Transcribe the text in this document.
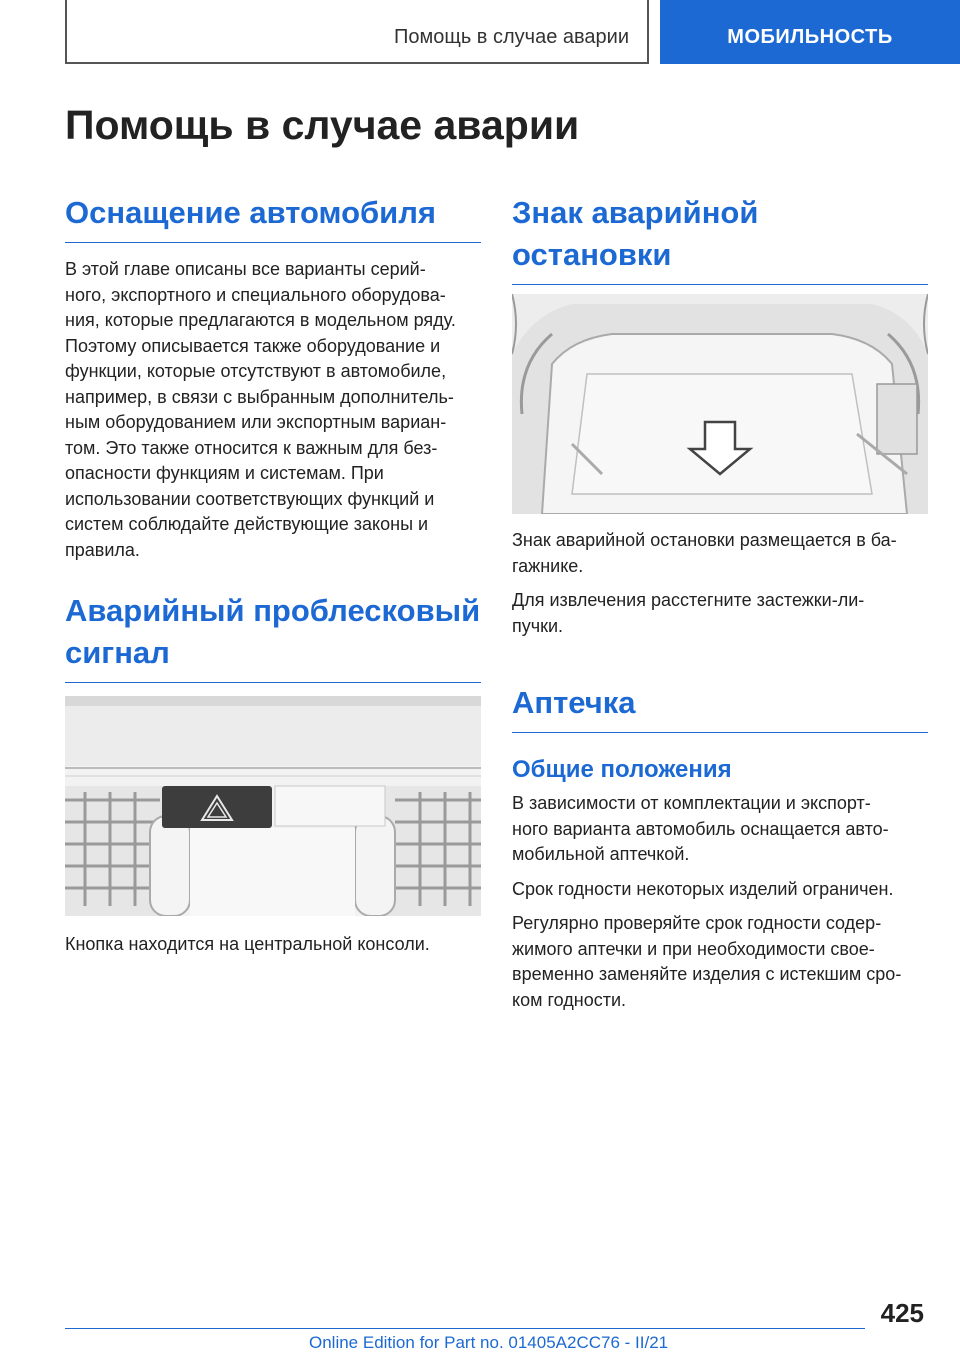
Помощь в случае аварии	МОБИЛЬНОСТЬ
Помощь в случае аварии
Оснащение автомобиля
В этой главе описаны все варианты серий-
ного, экспортного и специального оборудова-
ния, которые предлагаются в модельном ряду.
Поэтому описывается также оборудование и
функции, которые отсутствуют в автомобиле,
например, в связи с выбранным дополнитель-
ным оборудованием или экспортным вариан-
том. Это также относится к важным для без-
опасности функциям и системам. При
использовании соответствующих функций и
систем соблюдайте действующие законы и
правила.
Аварийный проблесковый
сигнал
Кнопка находится на центральной консоли.
Знак аварийной
остановки
Знак аварийной остановки размещается в ба-
гажнике.
Для извлечения расстегните застежки-ли-
пучки.
Аптечка
Общие положения
В зависимости от комплектации и экспорт-
ного варианта автомобиль оснащается авто-
мобильной аптечкой.
Срок годности некоторых изделий ограничен.
Регулярно проверяйте срок годности содер-
жимого аптечки и при необходимости свое-
временно заменяйте изделия с истекшим сро-
ком годности.
425
Online Edition for Part no. 01405A2CC76 - II/21
